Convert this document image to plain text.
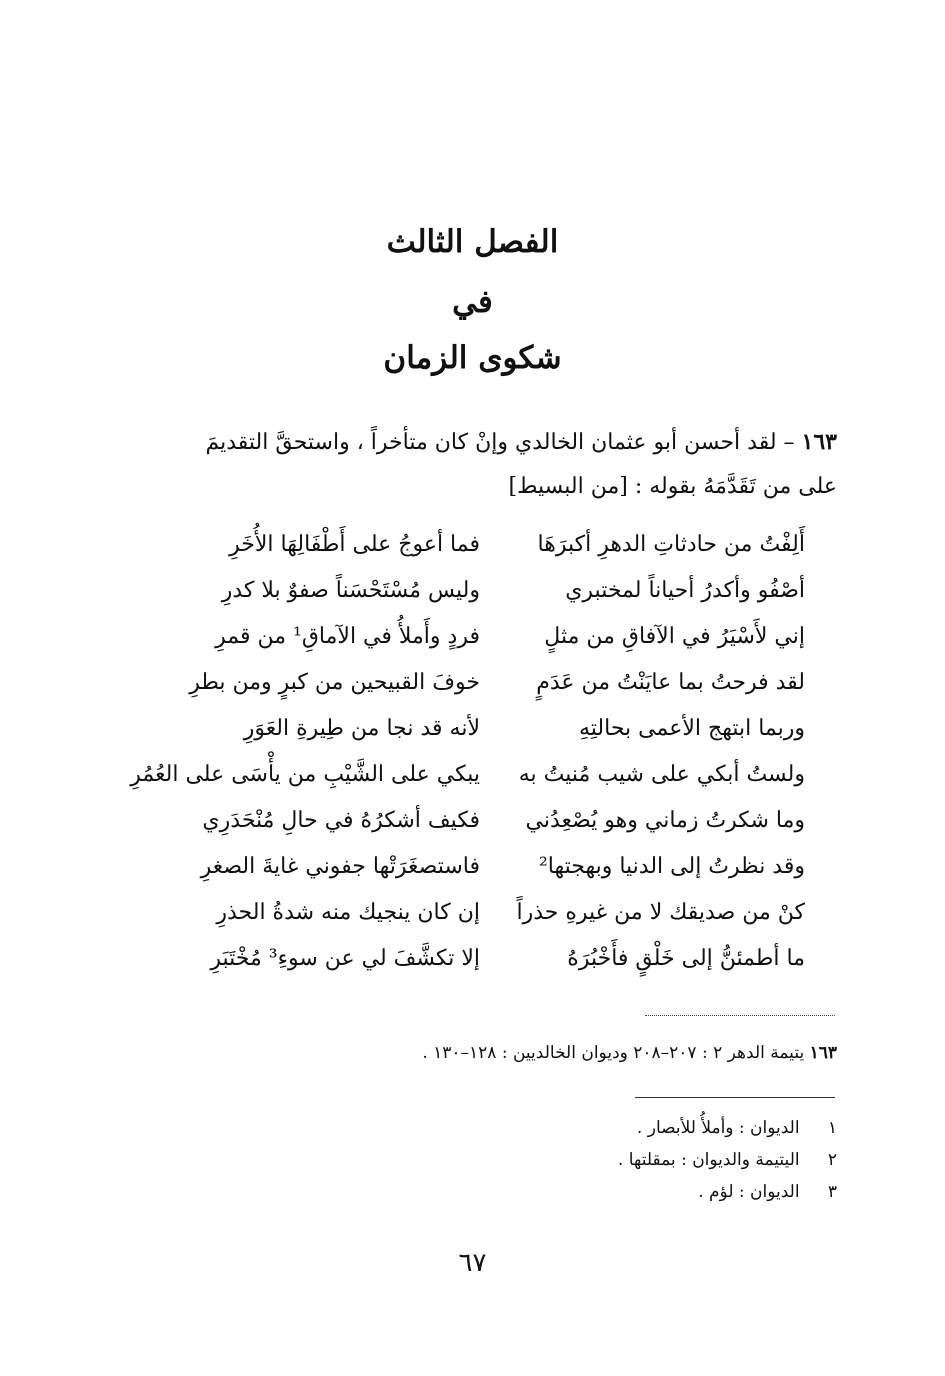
الفصل الثالث
في
شكوى الزمان
١٦٣ – لقد أحسن أبو عثمان الخالدي وإنْ كان متأخراً ، واستحقَّ التقديمَ
على من تَقَدَّمَهُ بقوله : [من البسيط]
أَلِفْتُ من حادثاتِ الدهرِ أكبرَهَا
فما أعوجُ على أَطْفَالِهَا الأُخَرِ
أصْفُو وأكدرُ أحياناً لمختبري
وليس مُسْتَحْسَناً صفوٌ بلا كدرِ
إني لأَسْيَرُ في الآفاقِ من مثلٍ
فردٍ وأَملأُ في الآماقِ¹ من قمرِ
لقد فرحتُ بما عايَنْتُ من عَدَمٍ
خوفَ القبيحين من كبرٍ ومن بطرِ
وربما ابتهج الأعمى بحالتِهِ
لأنه قد نجا من طِيرةِ العَوَرِ
ولستُ أبكي على شيب مُنيتُ به
يبكي على الشَّيْبِ من يأْسَى على العُمُرِ
وما شكرتُ زماني وهو يُصْعِدُني
فكيف أشكرُهُ في حالِ مُنْحَدَرِي
وقد نظرتُ إلى الدنيا وبهجتها²
فاستصغَرَتْها جفوني غايةَ الصغرِ
كنْ من صديقك لا من غيرهِ حذراً
إن كان ينجيك منه شدةُ الحذرِ
ما أطمئنُّ إلى خَلْقٍ فأَخْبُرَهُ
إلا تكشَّفَ لي عن سوءِ³ مُخْتَبَرِ
١٦٣ يتيمة الدهر ٢ : ٢٠٧–٢٠٨ وديوان الخالديين : ١٢٨–١٣٠ .
١ الديوان : وأملأُ للأبصار .
٢ اليتيمة والديوان : بمقلتها .
٣ الديوان : لؤم .
٦٧
